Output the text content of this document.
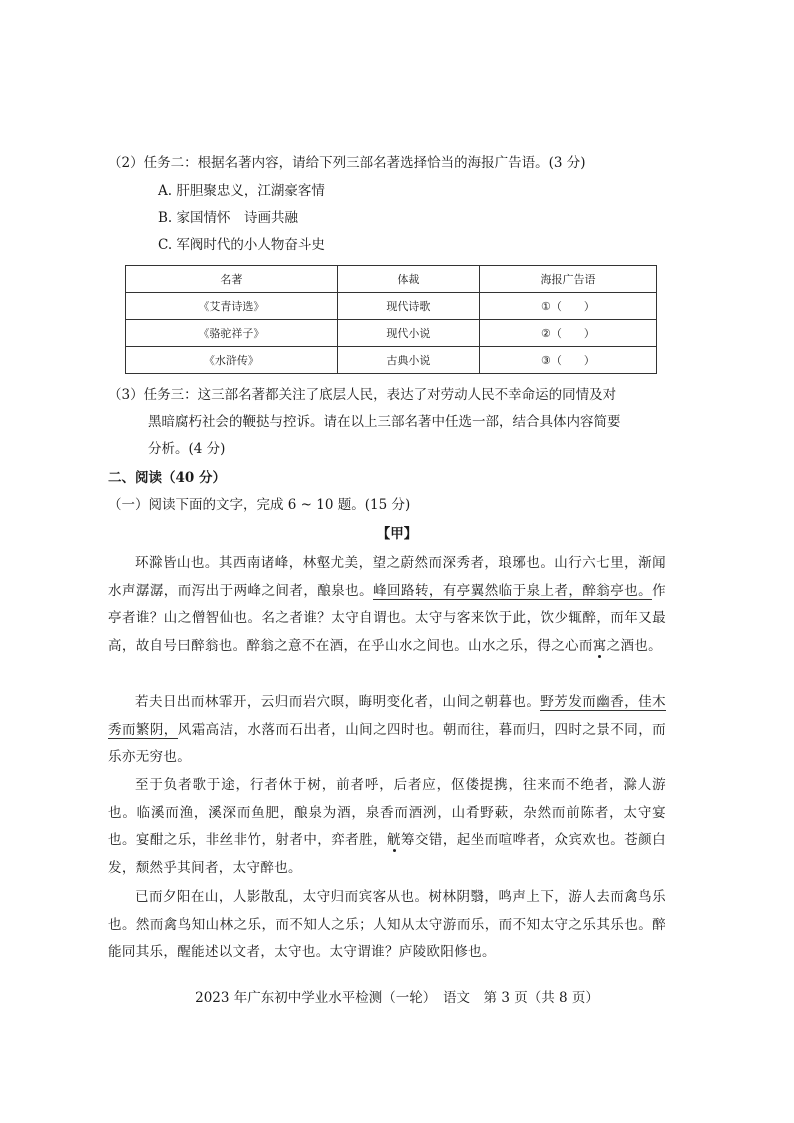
（2）任务二：根据名著内容，请给下列三部名著选择恰当的海报广告语。(3 分)
A. 肝胆聚忠义，江湖豪客情
B. 家国情怀　诗画共融
C. 军阀时代的小人物奋斗史
名著	体裁	海报广告语
《艾青诗选》	现代诗歌	①（　　）
《骆驼祥子》	现代小说	②（　　）
《水浒传》	古典小说	③（　　）
（3）任务三：这三部名著都关注了底层人民，表达了对劳动人民不幸命运的同情及对
黑暗腐朽社会的鞭挞与控诉。请在以上三部名著中任选一部，结合具体内容简要
分析。(4 分)
二、阅读（40 分）
（一）阅读下面的文字，完成 6 ~ 10 题。(15 分)
【甲】
环滁皆山也。其西南诸峰，林壑尤美，望之蔚然而深秀者，琅琊也。山行六七里，渐闻水声潺潺，而泻出于两峰之间者，酿泉也。峰回路转，有亭翼然临于泉上者，醉翁亭也。作亭者谁？山之僧智仙也。名之者谁？太守自谓也。太守与客来饮于此，饮少辄醉，而年又最高，故自号曰醉翁也。醉翁之意不在酒，在乎山水之间也。山水之乐，得之心而寓之酒也。
若夫日出而林霏开，云归而岩穴暝，晦明变化者，山间之朝暮也。野芳发而幽香，佳木秀而繁阴，风霜高洁，水落而石出者，山间之四时也。朝而往，暮而归，四时之景不同，而乐亦无穷也。
至于负者歌于途，行者休于树，前者呼，后者应，伛偻提携，往来而不绝者，滁人游也。临溪而渔，溪深而鱼肥，酿泉为酒，泉香而酒洌，山肴野蔌，杂然而前陈者，太守宴也。宴酣之乐，非丝非竹，射者中，弈者胜，觥筹交错，起坐而喧哗者，众宾欢也。苍颜白发，颓然乎其间者，太守醉也。
已而夕阳在山，人影散乱，太守归而宾客从也。树林阴翳，鸣声上下，游人去而禽鸟乐也。然而禽鸟知山林之乐，而不知人之乐；人知从太守游而乐，而不知太守之乐其乐也。醉能同其乐，醒能述以文者，太守也。太守谓谁？庐陵欧阳修也。
2023 年广东初中学业水平检测（一轮）　语文　第 3 页（共 8 页）
